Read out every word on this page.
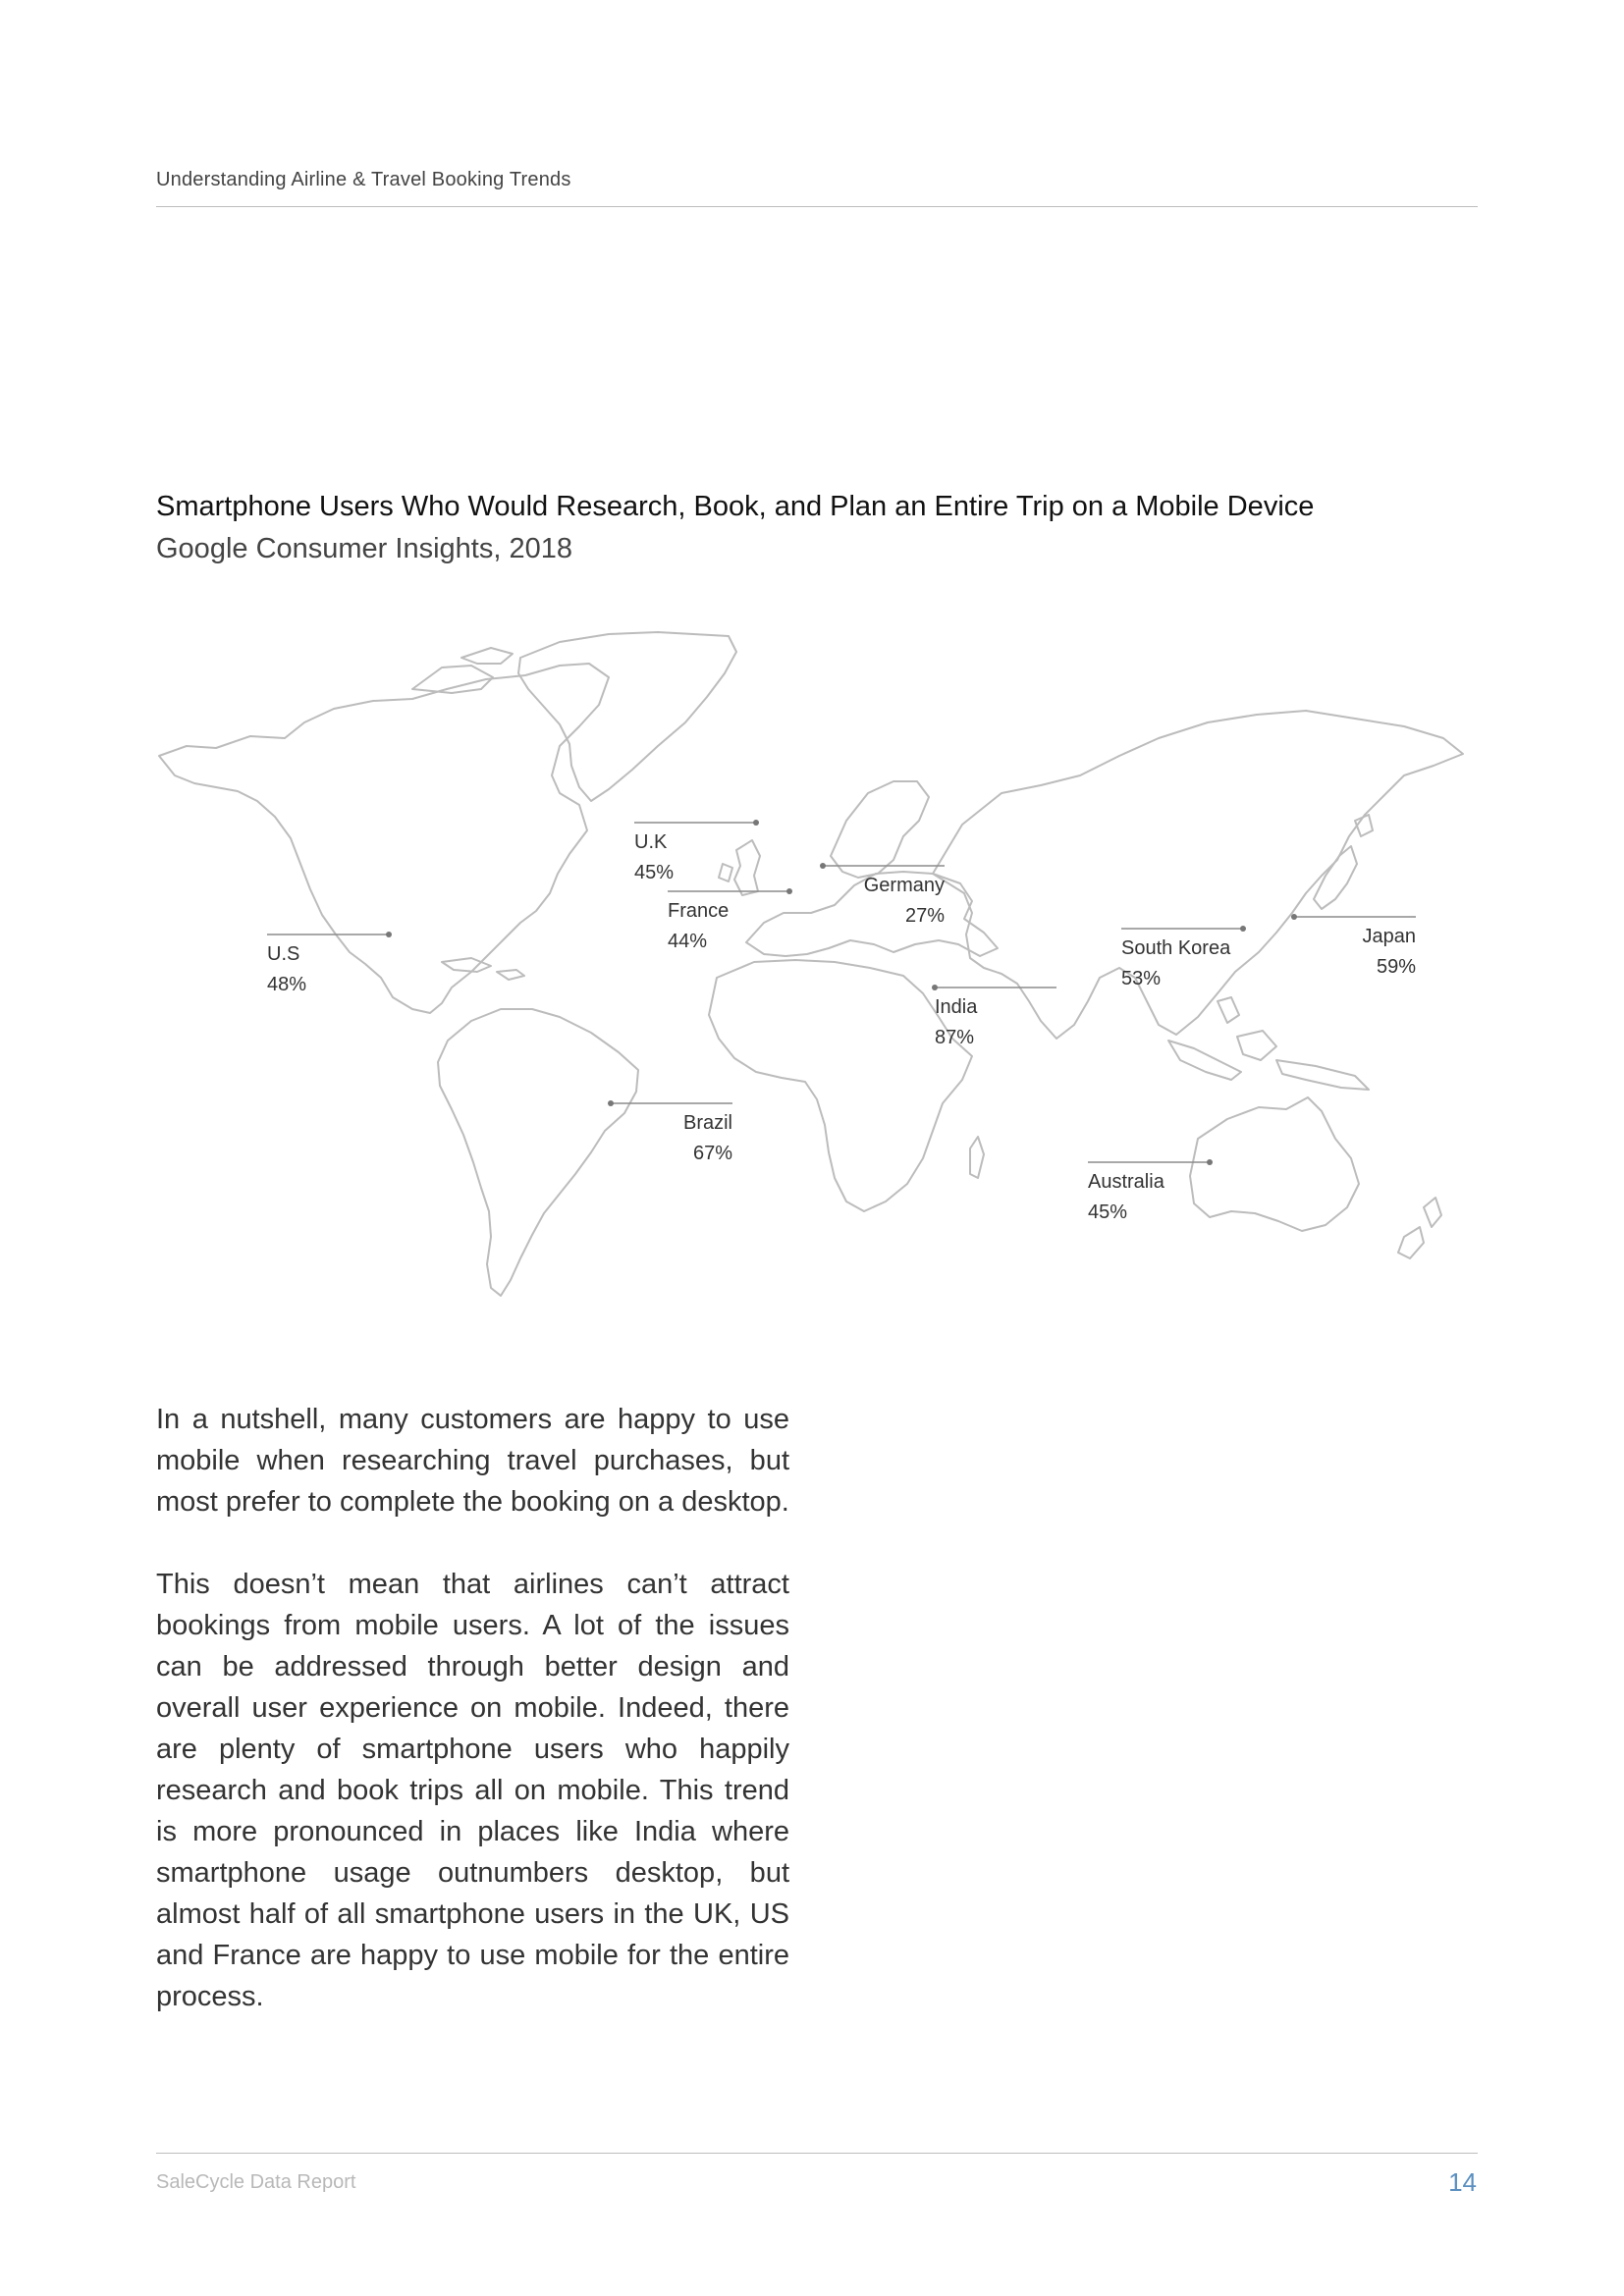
Understanding Airline & Travel Booking Trends
Smartphone Users Who Would Research, Book, and Plan an Entire Trip on a Mobile Device
Google Consumer Insights, 2018
U.S
48%
U.K
45%
France
44%
Germany
27%
South Korea
53%
Japan
59%
India
87%
Brazil
67%
Australia
45%

In a nutshell, many customers are happy to use mobile when researching travel purchases, but most prefer to complete the booking on a desktop.

This doesn’t mean that airlines can’t attract bookings from mobile users. A lot of the issues can be addressed through better design and overall user experience on mobile. Indeed, there are plenty of smartphone users who happily research and book trips all on mobile. This trend is more pronounced in places like India where smartphone usage outnumbers desktop, but almost half of all smartphone users in the UK, US and France are happy to use mobile for the entire process.

SaleCycle Data Report	14
